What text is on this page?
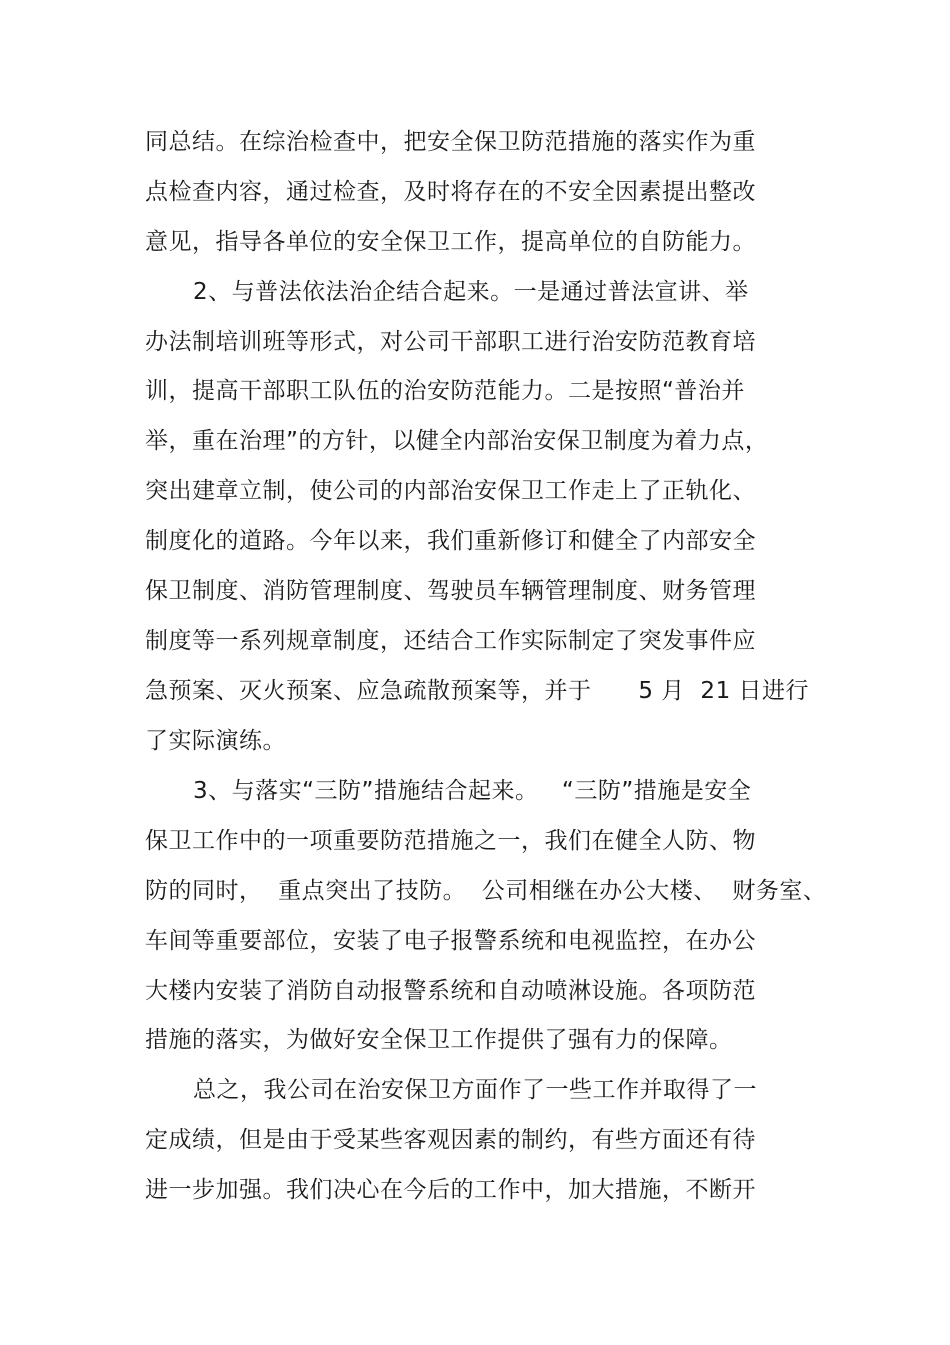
同总结。在综治检查中，把安全保卫防范措施的落实作为重
点检查内容，通过检查，及时将存在的不安全因素提出整改
意见，指导各单位的安全保卫工作，提高单位的自防能力。
2、与普法依法治企结合起来。一是通过普法宣讲、举
办法制培训班等形式，对公司干部职工进行治安防范教育培
训，提高干部职工队伍的治安防范能力。二是按照“普治并
举，重在治理”的方针，以健全内部治安保卫制度为着力点，
突出建章立制，使公司的内部治安保卫工作走上了正轨化、
制度化的道路。今年以来，我们重新修订和健全了内部安全
保卫制度、消防管理制度、驾驶员车辆管理制度、财务管理
制度等一系列规章制度，还结合工作实际制定了突发事件应
急预案、灭火预案、应急疏散预案等，并于      5 月  21 日进行
了实际演练。
3、与落实“三防”措施结合起来。   “三防”措施是安全
保卫工作中的一项重要防范措施之一，我们在健全人防、物
防的同时，  重点突出了技防。  公司相继在办公大楼、  财务室、
车间等重要部位，安装了电子报警系统和电视监控，在办公
大楼内安装了消防自动报警系统和自动喷淋设施。各项防范
措施的落实，为做好安全保卫工作提供了强有力的保障。
总之，我公司在治安保卫方面作了一些工作并取得了一
定成绩，但是由于受某些客观因素的制约，有些方面还有待
进一步加强。我们决心在今后的工作中，加大措施，不断开
